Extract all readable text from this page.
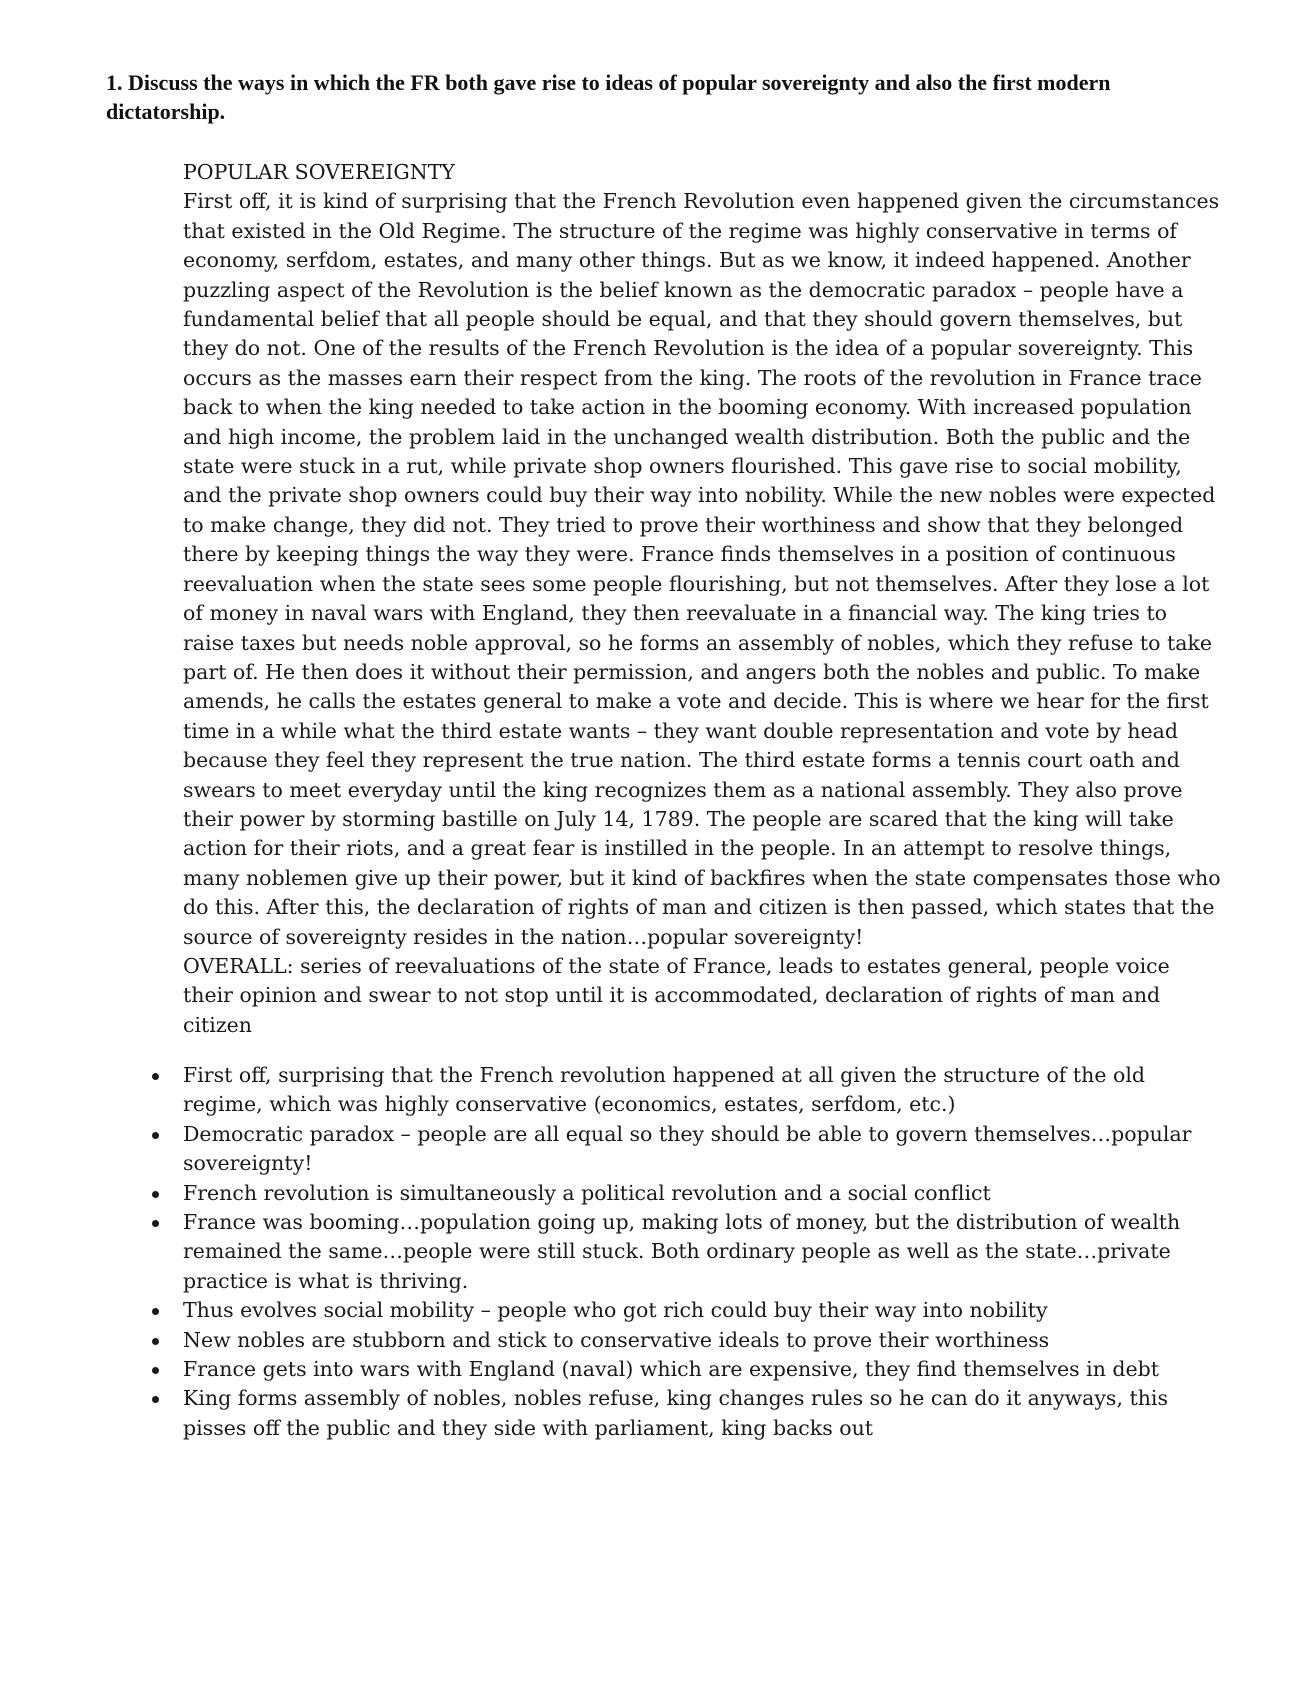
1. Discuss the ways in which the FR both gave rise to ideas of popular sovereignty and also the first modern dictatorship.

POPULAR SOVEREIGNTY

First off, it is kind of surprising that the French Revolution even happened given the circumstances that existed in the Old Regime. The structure of the regime was highly conservative in terms of economy, serfdom, estates, and many other things. But as we know, it indeed happened. Another puzzling aspect of the Revolution is the belief known as the democratic paradox – people have a fundamental belief that all people should be equal, and that they should govern themselves, but they do not. One of the results of the French Revolution is the idea of a popular sovereignty. This occurs as the masses earn their respect from the king. The roots of the revolution in France trace back to when the king needed to take action in the booming economy. With increased population and high income, the problem laid in the unchanged wealth distribution. Both the public and the state were stuck in a rut, while private shop owners flourished. This gave rise to social mobility, and the private shop owners could buy their way into nobility. While the new nobles were expected to make change, they did not. They tried to prove their worthiness and show that they belonged there by keeping things the way they were. France finds themselves in a position of continuous reevaluation when the state sees some people flourishing, but not themselves. After they lose a lot of money in naval wars with England, they then reevaluate in a financial way. The king tries to raise taxes but needs noble approval, so he forms an assembly of nobles, which they refuse to take part of. He then does it without their permission, and angers both the nobles and public. To make amends, he calls the estates general to make a vote and decide. This is where we hear for the first time in a while what the third estate wants – they want double representation and vote by head because they feel they represent the true nation. The third estate forms a tennis court oath and swears to meet everyday until the king recognizes them as a national assembly. They also prove their power by storming bastille on July 14, 1789. The people are scared that the king will take action for their riots, and a great fear is instilled in the people. In an attempt to resolve things, many noblemen give up their power, but it kind of backfires when the state compensates those who do this. After this, the declaration of rights of man and citizen is then passed, which states that the source of sovereignty resides in the nation…popular sovereignty!

OVERALL: series of reevaluations of the state of France, leads to estates general, people voice their opinion and swear to not stop until it is accommodated, declaration of rights of man and citizen

First off, surprising that the French revolution happened at all given the structure of the old regime, which was highly conservative (economics, estates, serfdom, etc.)
Democratic paradox – people are all equal so they should be able to govern themselves…popular sovereignty!
French revolution is simultaneously a political revolution and a social conflict
France was booming…population going up, making lots of money, but the distribution of wealth remained the same…people were still stuck. Both ordinary people as well as the state…private practice is what is thriving.
Thus evolves social mobility – people who got rich could buy their way into nobility
New nobles are stubborn and stick to conservative ideals to prove their worthiness
France gets into wars with England (naval) which are expensive, they find themselves in debt
King forms assembly of nobles, nobles refuse, king changes rules so he can do it anyways, this pisses off the public and they side with parliament, king backs out
